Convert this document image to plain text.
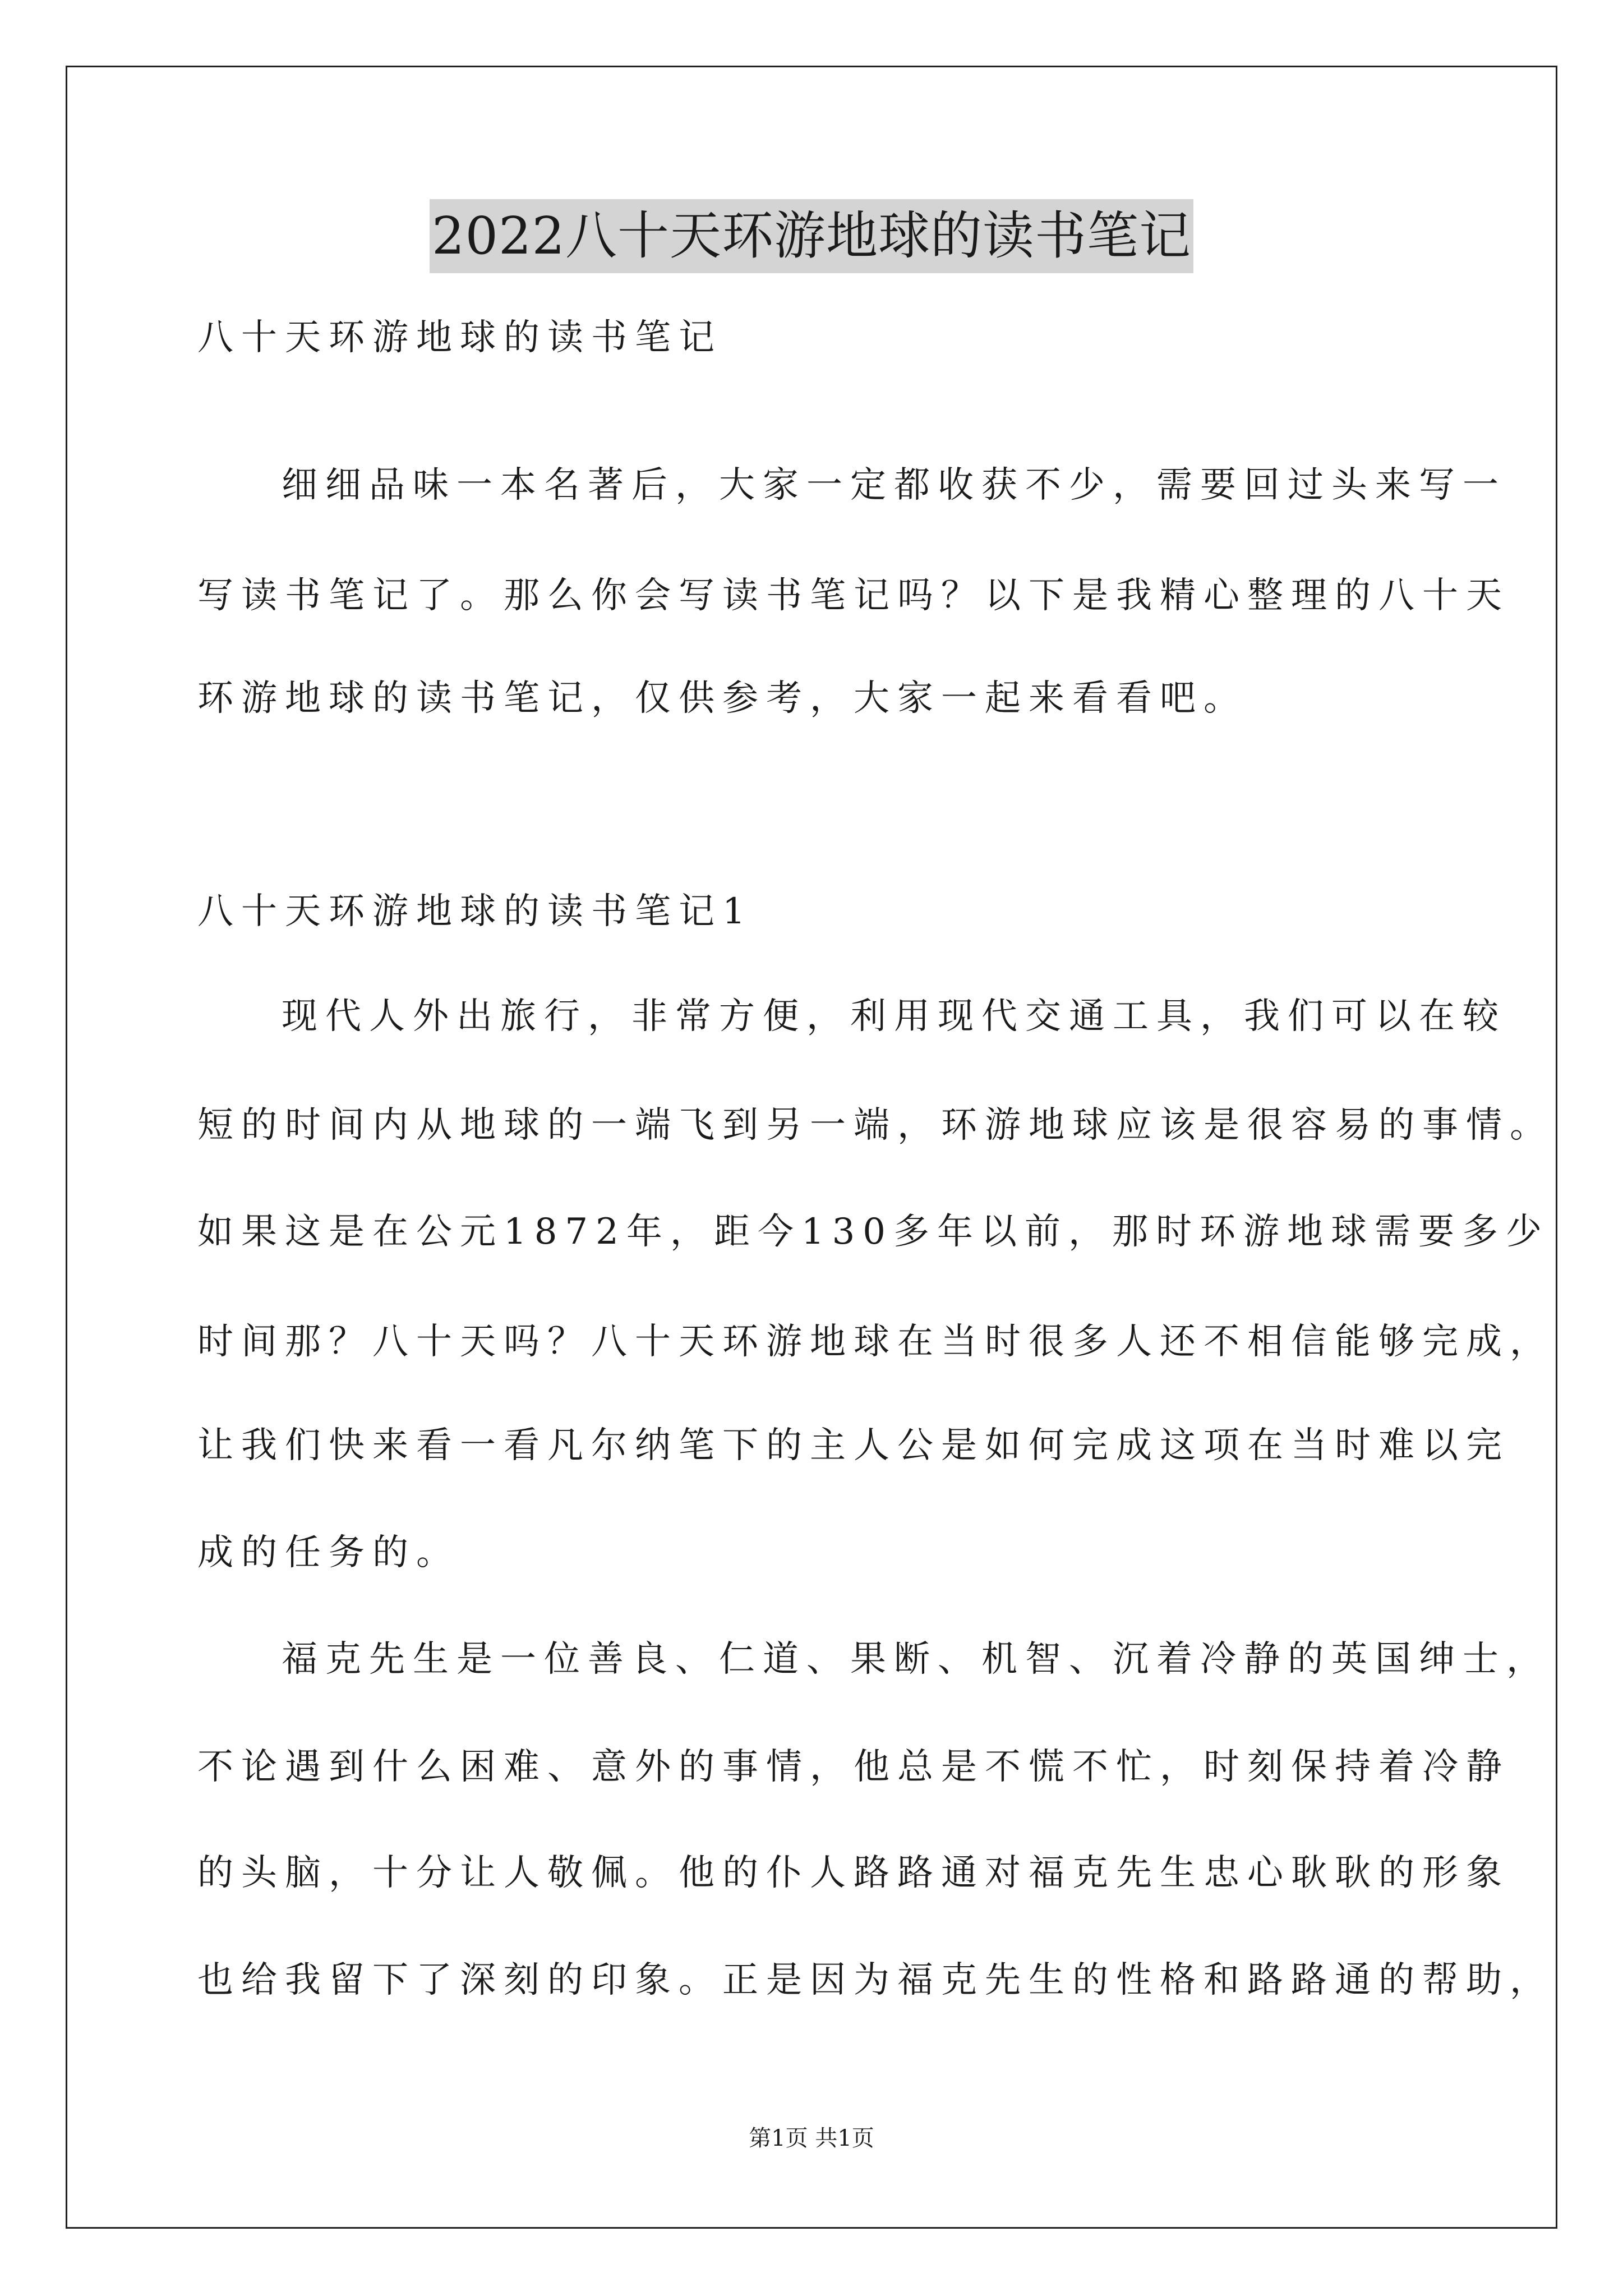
2022八十天环游地球的读书笔记
八十天环游地球的读书笔记
细细品味一本名著后，大家一定都收获不少，需要回过头来写一
写读书笔记了。那么你会写读书笔记吗？以下是我精心整理的八十天
环游地球的读书笔记，仅供参考，大家一起来看看吧。
八十天环游地球的读书笔记1
现代人外出旅行，非常方便，利用现代交通工具，我们可以在较
短的时间内从地球的一端飞到另一端，环游地球应该是很容易的事情。
如果这是在公元1872年，距今130多年以前，那时环游地球需要多少
时间那？八十天吗？八十天环游地球在当时很多人还不相信能够完成，
让我们快来看一看凡尔纳笔下的主人公是如何完成这项在当时难以完
成的任务的。
福克先生是一位善良、仁道、果断、机智、沉着冷静的英国绅士，
不论遇到什么困难、意外的事情，他总是不慌不忙，时刻保持着冷静
的头脑，十分让人敬佩。他的仆人路路通对福克先生忠心耿耿的形象
也给我留下了深刻的印象。正是因为福克先生的性格和路路通的帮助，
第1页 共1页
